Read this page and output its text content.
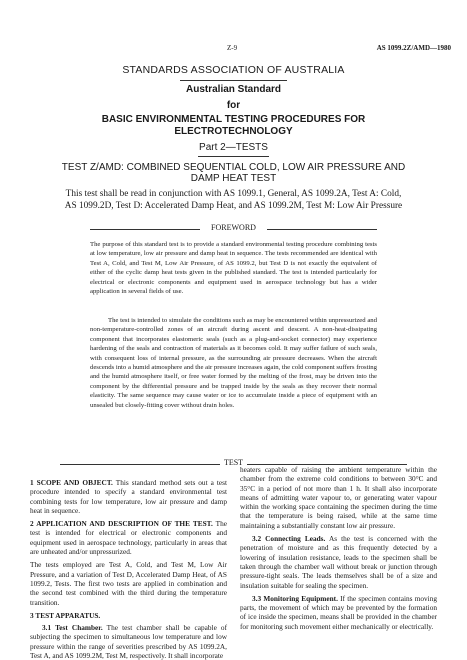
Z-9	AS 1099.2Z/AMD—1980
STANDARDS ASSOCIATION OF AUSTRALIA
Australian Standard
for
BASIC ENVIRONMENTAL TESTING PROCEDURES FOR
ELECTROTECHNOLOGY
Part 2—TESTS
TEST Z/AMD: COMBINED SEQUENTIAL COLD, LOW AIR PRESSURE AND
DAMP HEAT TEST
This test shall be read in conjunction with AS 1099.1, General, AS 1099.2A, Test A: Cold,
AS 1099.2D, Test D: Accelerated Damp Heat, and AS 1099.2M, Test M: Low Air Pressure
FOREWORD

The purpose of this standard test is to provide a standard environmental testing procedure combining tests at low temperature, low air pressure and damp heat in sequence. The tests recommended are identical with Test A, Cold, and Test M, Low Air Pressure, of AS 1099.2, but Test D is not exactly the equivalent of either of the cyclic damp heat tests given in the published standard. The test is intended particularly for electrical or electronic components and equipment used in aerospace technology but has a wider application in several fields of use.

The test is intended to simulate the conditions such as may be encountered within unpressurized and non-temperature-controlled zones of an aircraft during ascent and descent. A non-heat-dissipating component that incorporates elastomeric seals (such as a plug-and-socket connector) may experience hardening of the seals and contraction of materials as it becomes cold. It may suffer failure of such seals, with consequent loss of internal pressure, as the surrounding air pressure decreases. When the aircraft descends into a humid atmosphere and the air pressure increases again, the cold component suffers frosting and the humid atmosphere itself, or free water formed by the melting of the frost, may be driven into the component by the differential pressure and be trapped inside by the seals as they recover their normal elasticity. The same sequence may cause water or ice to accumulate inside a piece of equipment with an unsealed but closely-fitting cover without drain holes.

TEST

1 SCOPE AND OBJECT. This standard method sets out a test procedure intended to specify a standard environmental test combining tests for low temperature, low air pressure and damp heat in sequence.

2 APPLICATION AND DESCRIPTION OF THE TEST. The test is intended for electrical or electronic components and equipment used in aerospace technology, particularly in areas that are unheated and/or unpressurized.

The tests employed are Test A, Cold, and Test M, Low Air Pressure, and a variation of Test D, Accelerated Damp Heat, of AS 1099.2, Tests. The first two tests are applied in combination and the second test combined with the third during the temperature transition.

3 TEST APPARATUS.

3.1 Test Chamber. The test chamber shall be capable of subjecting the specimen to simultaneous low temperature and low pressure within the range of severities prescribed by AS 1099.2A, Test A, and AS 1099.2M, Test M, respectively. It shall incorporate

heaters capable of raising the ambient temperature within the chamber from the extreme cold conditions to between 30°C and 35°C in a period of not more than 1 h. It shall also incorporate means of admitting water vapour to, or generating water vapour within the working space containing the specimen during the time that the temperature is being raised, while at the same time maintaining a substantially constant low air pressure.

3.2 Connecting Leads. As the test is concerned with the penetration of moisture and as this frequently detected by a lowering of insulation resistance, leads to the specimen shall be taken through the chamber wall without break or junction through pressure-tight seals. The leads themselves shall be of a size and insulation suitable for sealing the specimen.

3.3 Monitoring Equipment. If the specimen contains moving parts, the movement of which may be prevented by the formation of ice inside the specimen, means shall be provided in the chamber for monitoring such movement either mechanically or electrically.
